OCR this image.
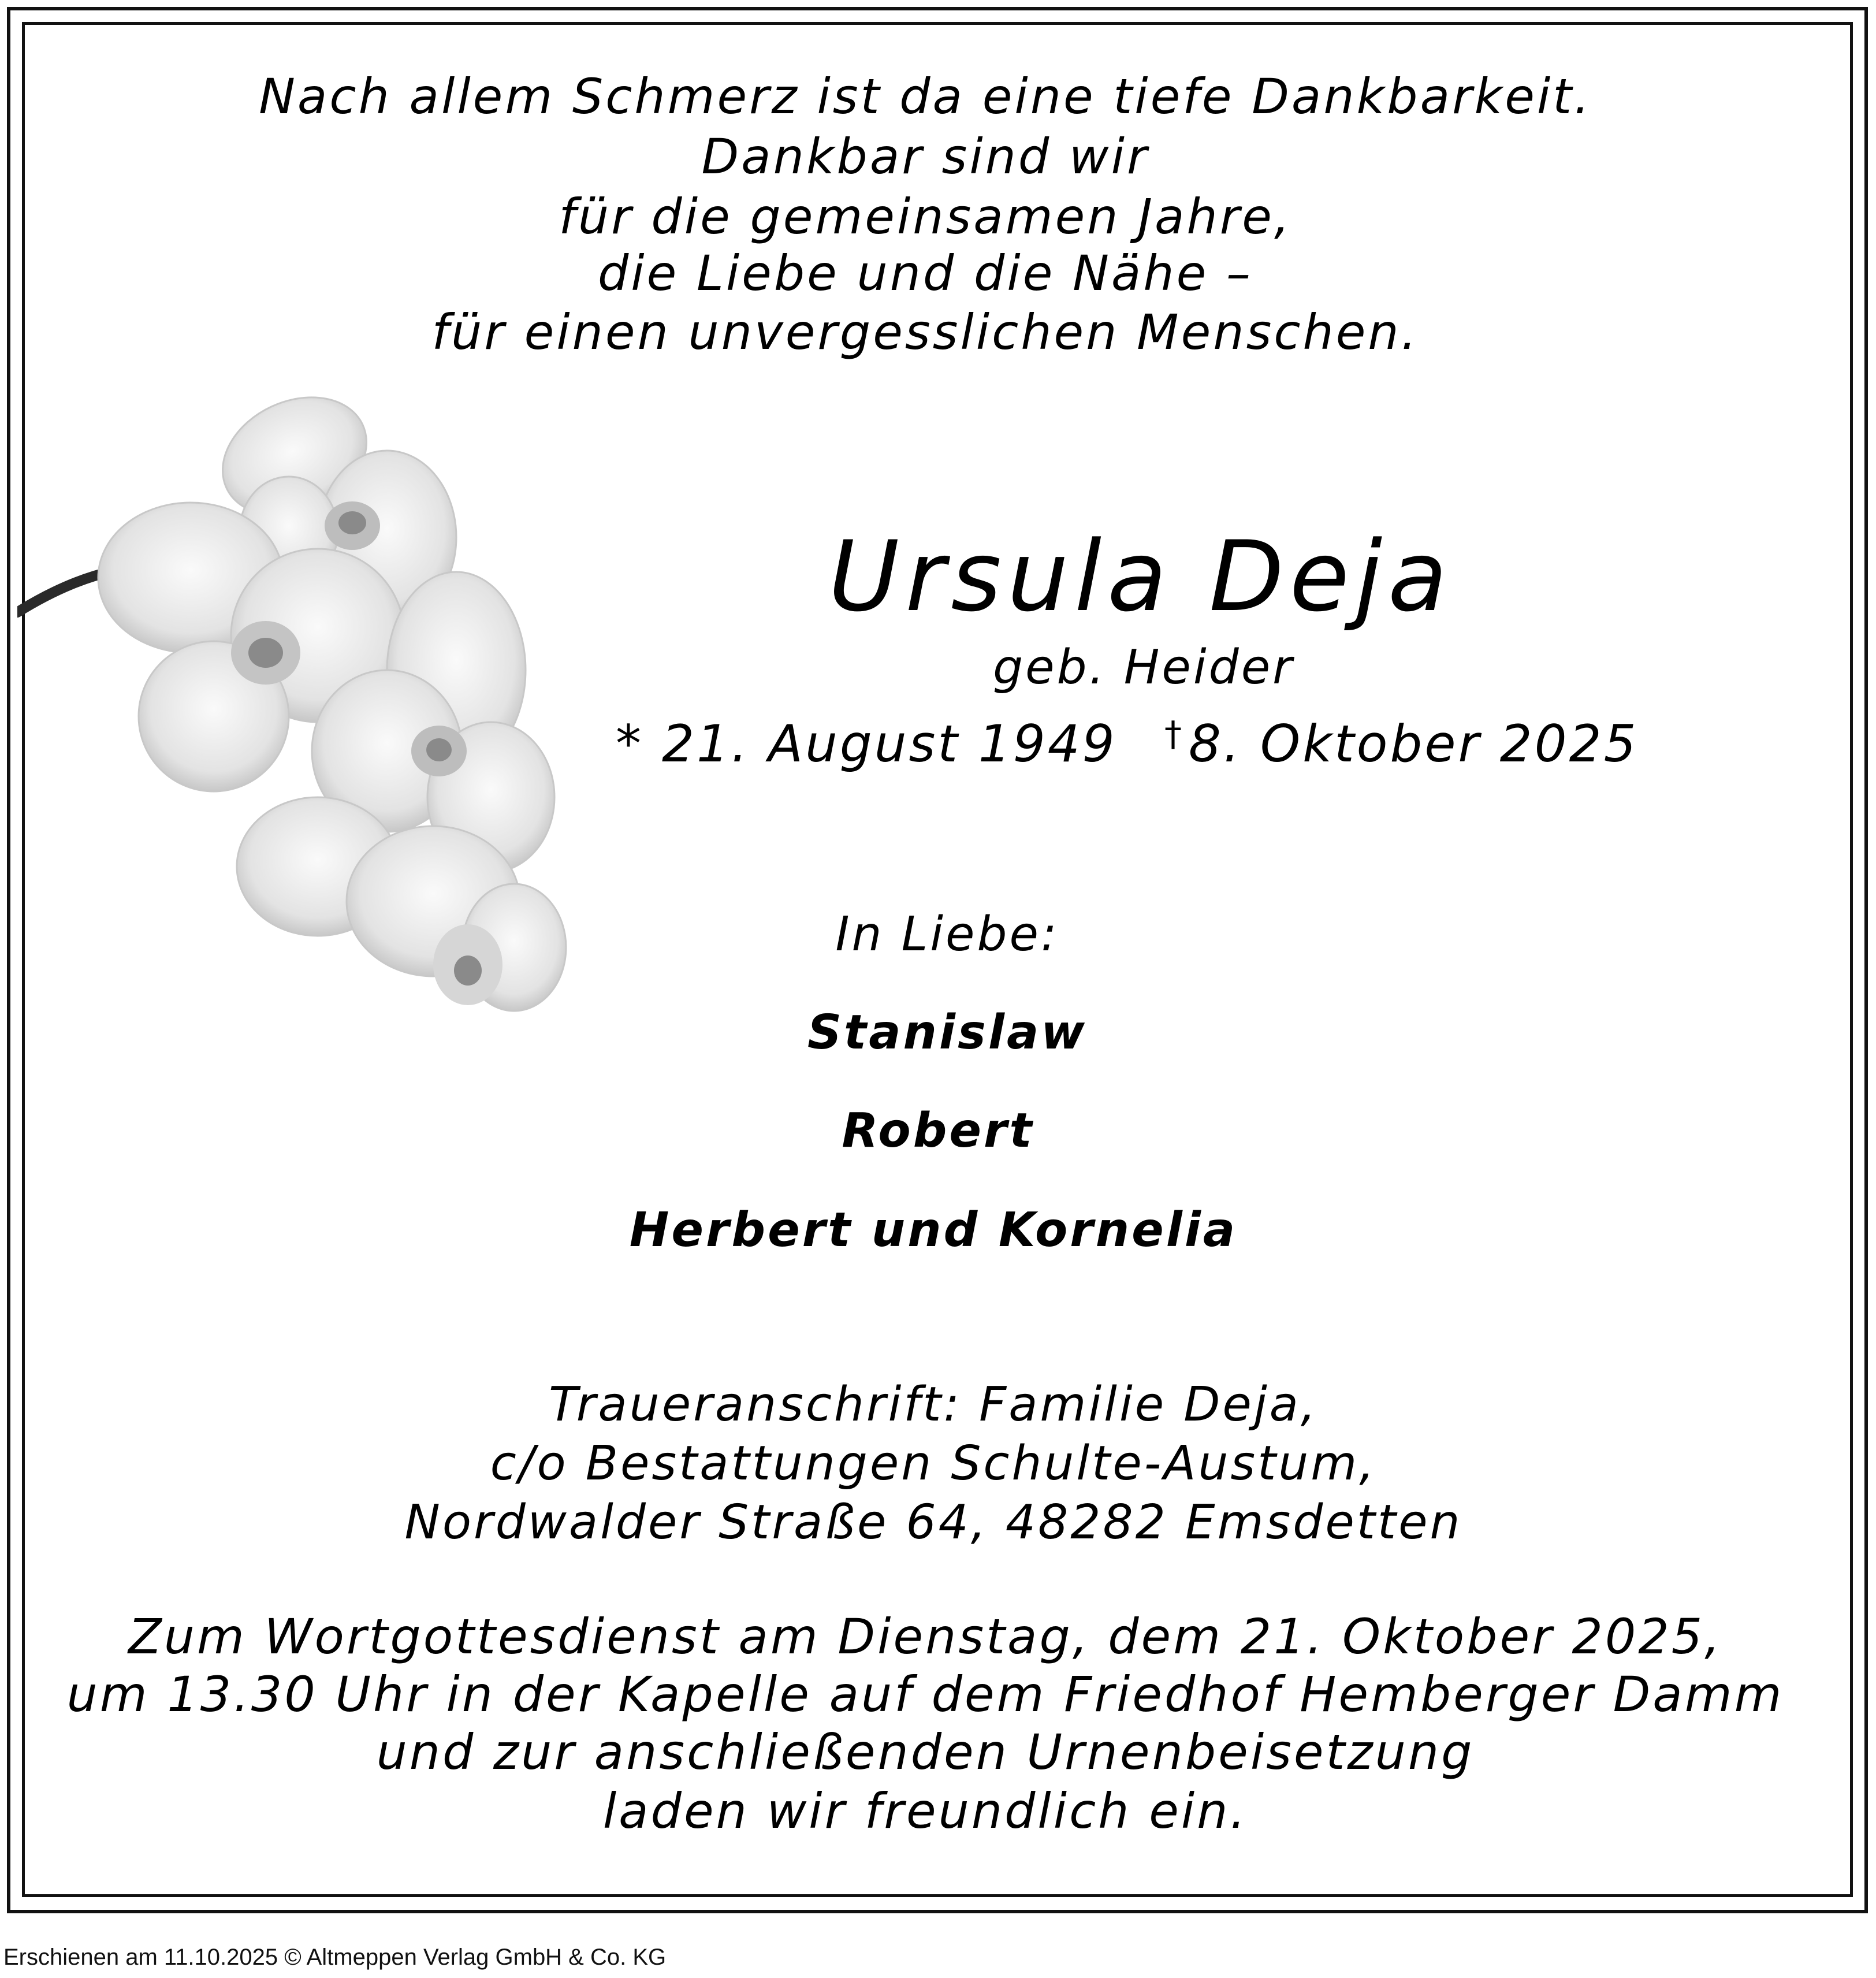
Nach allem Schmerz ist da eine tiefe Dankbarkeit.
Dankbar sind wir
für die gemeinsamen Jahre,
die Liebe und die Nähe –
für einen unvergesslichen Menschen.
Ursula Deja
geb. Heider
* 21. August 1949 †8. Oktober 2025
In Liebe:
Stanislaw
Robert
Herbert und Kornelia
Traueranschrift: Familie Deja,
c/o Bestattungen Schulte-Austum,
Nordwalder Straße 64, 48282 Emsdetten
Zum Wortgottesdienst am Dienstag, dem 21. Oktober 2025,
um 13.30 Uhr in der Kapelle auf dem Friedhof Hemberger Damm
und zur anschließenden Urnenbeisetzung
laden wir freundlich ein.
Erschienen am 11.10.2025 © Altmeppen Verlag GmbH & Co. KG
